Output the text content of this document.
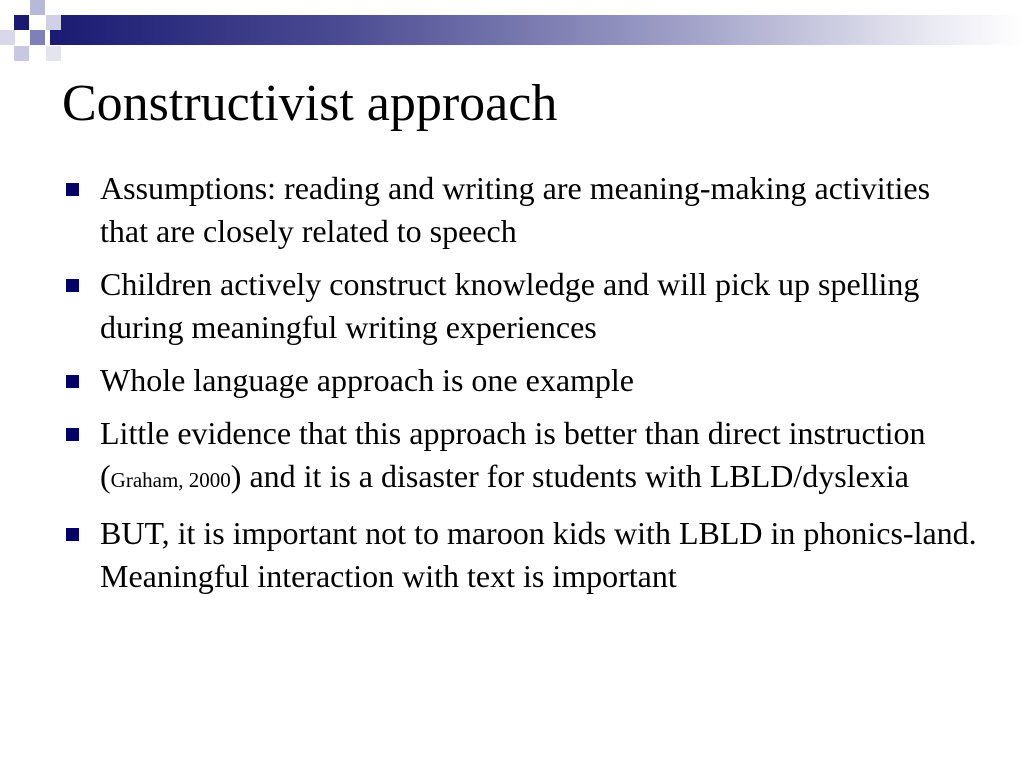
Constructivist approach
Assumptions: reading and writing are meaning-making activities that are closely related to speech
Children actively construct knowledge and will pick up spelling during meaningful writing experiences
Whole language approach is one example
Little evidence that this approach is better than direct instruction (Graham, 2000) and it is a disaster for students with LBLD/dyslexia
BUT, it is important not to maroon kids with LBLD in phonics-land. Meaningful interaction with text is important
